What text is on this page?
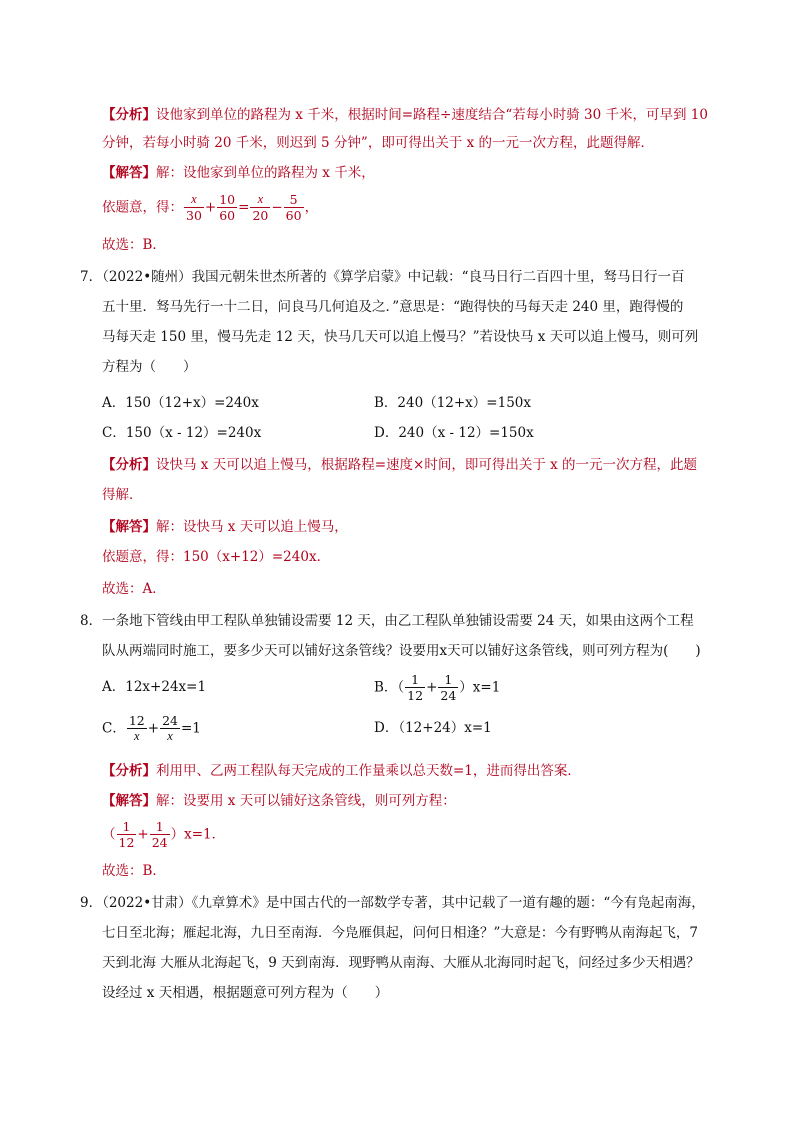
【分析】设他家到单位的路程为 x 千米，根据时间=路程÷速度结合“若每小时骑 30 千米，可早到 10
分钟，若每小时骑 20 千米，则迟到 5 分钟”，即可得出关于 x 的一元一次方程，此题得解．
【解答】解：设他家到单位的路程为 x 千米，
依题意，得： $\frac{x}{30} + \frac{10}{60} = \frac{x}{20} - \frac{5}{60}$ ，
故选：B．
7．（2022•随州）我国元朝朱世杰所著的《算学启蒙》中记载：“良马日行二百四十里，驽马日行一百
五十里．驽马先行一十二日，问良马几何追及之．”意思是：“跑得快的马每天走 240 里，跑得慢的
马每天走 150 里，慢马先走 12 天，快马几天可以追上慢马？”若设快马 x 天可以追上慢马，则可列
方程为（　　）
A．150（12+x）=240x	B．240（12+x）=150x
C．150（x - 12）=240x	D．240（x - 12）=150x
【分析】设快马 x 天可以追上慢马，根据路程=速度×时间，即可得出关于 x 的一元一次方程，此题
得解．
【解答】解：设快马 x 天可以追上慢马，
依题意，得：150（x+12）=240x．
故选：A．
8．一条地下管线由甲工程队单独铺设需要 12 天，由乙工程队单独铺设需要 24 天，如果由这两个工程
队从两端同时施工，要多少天可以铺好这条管线？设要用x天可以铺好这条管线，则可列方程为(　　)
A．12x+24x=1	B．（ $\frac{1}{12} + \frac{1}{24} )x=1$
C． $\frac{12}{x} + \frac{24}{x} =1$	D．（12+24）x=1
【分析】利用甲、乙两工程队每天完成的工作量乘以总天数=1，进而得出答案．
【解答】解：设要用 x 天可以铺好这条管线，则可列方程：
（ $\frac{1}{12} + \frac{1}{24} )x=1$．
故选：B．
9．（2022•甘肃）《九章算术》是中国古代的一部数学专著，其中记载了一道有趣的题：“今有凫起南海，
七日至北海；雁起北海，九日至南海．今凫雁俱起，问何日相逢？”大意是：今有野鸭从南海起飞，7
天到北海 大雁从北海起飞，9 天到南海．现野鸭从南海、大雁从北海同时起飞，问经过多少天相遇？
设经过 x 天相遇，根据题意可列方程为（　　）
